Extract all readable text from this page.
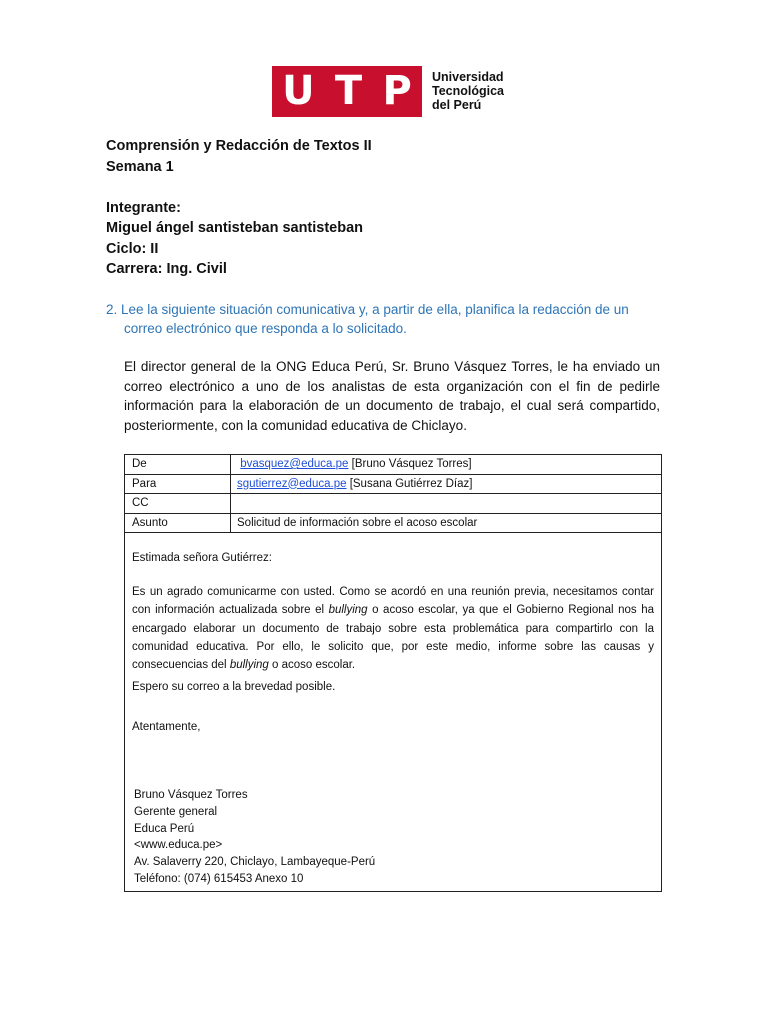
U T P Universidad
Tecnológica
del Perú
Comprensión y Redacción de Textos II
Semana 1
Integrante:
Miguel ángel santisteban santisteban
Ciclo: II
Carrera: Ing. Civil
2. Lee la siguiente situación comunicativa y, a partir de ella, planifica la redacción de un
correo electrónico que responda a lo solicitado.
El director general de la ONG Educa Perú, Sr. Bruno Vásquez Torres, le ha enviado un correo electrónico a uno de los analistas de esta organización con el fin de pedirle información para la elaboración de un documento de trabajo, el cual será compartido, posteriormente, con la comunidad educativa de Chiclayo.
De	bvasquez@educa.pe [Bruno Vásquez Torres]
Para	sgutierrez@educa.pe [Susana Gutiérrez Díaz]
CC
Asunto	Solicitud de información sobre el acoso escolar
Estimada señora Gutiérrez:
Es un agrado comunicarme con usted. Como se acordó en una reunión previa, necesitamos contar con información actualizada sobre el bullying o acoso escolar, ya que el Gobierno Regional nos ha encargado elaborar un documento de trabajo sobre esta problemática para compartirlo con la comunidad educativa. Por ello, le solicito que, por este medio, informe sobre las causas y consecuencias del bullying o acoso escolar.
Espero su correo a la brevedad posible.
Atentamente,
Bruno Vásquez Torres
Gerente general
Educa Perú
<www.educa.pe>
Av. Salaverry 220, Chiclayo, Lambayeque-Perú
Teléfono: (074) 615453 Anexo 10
